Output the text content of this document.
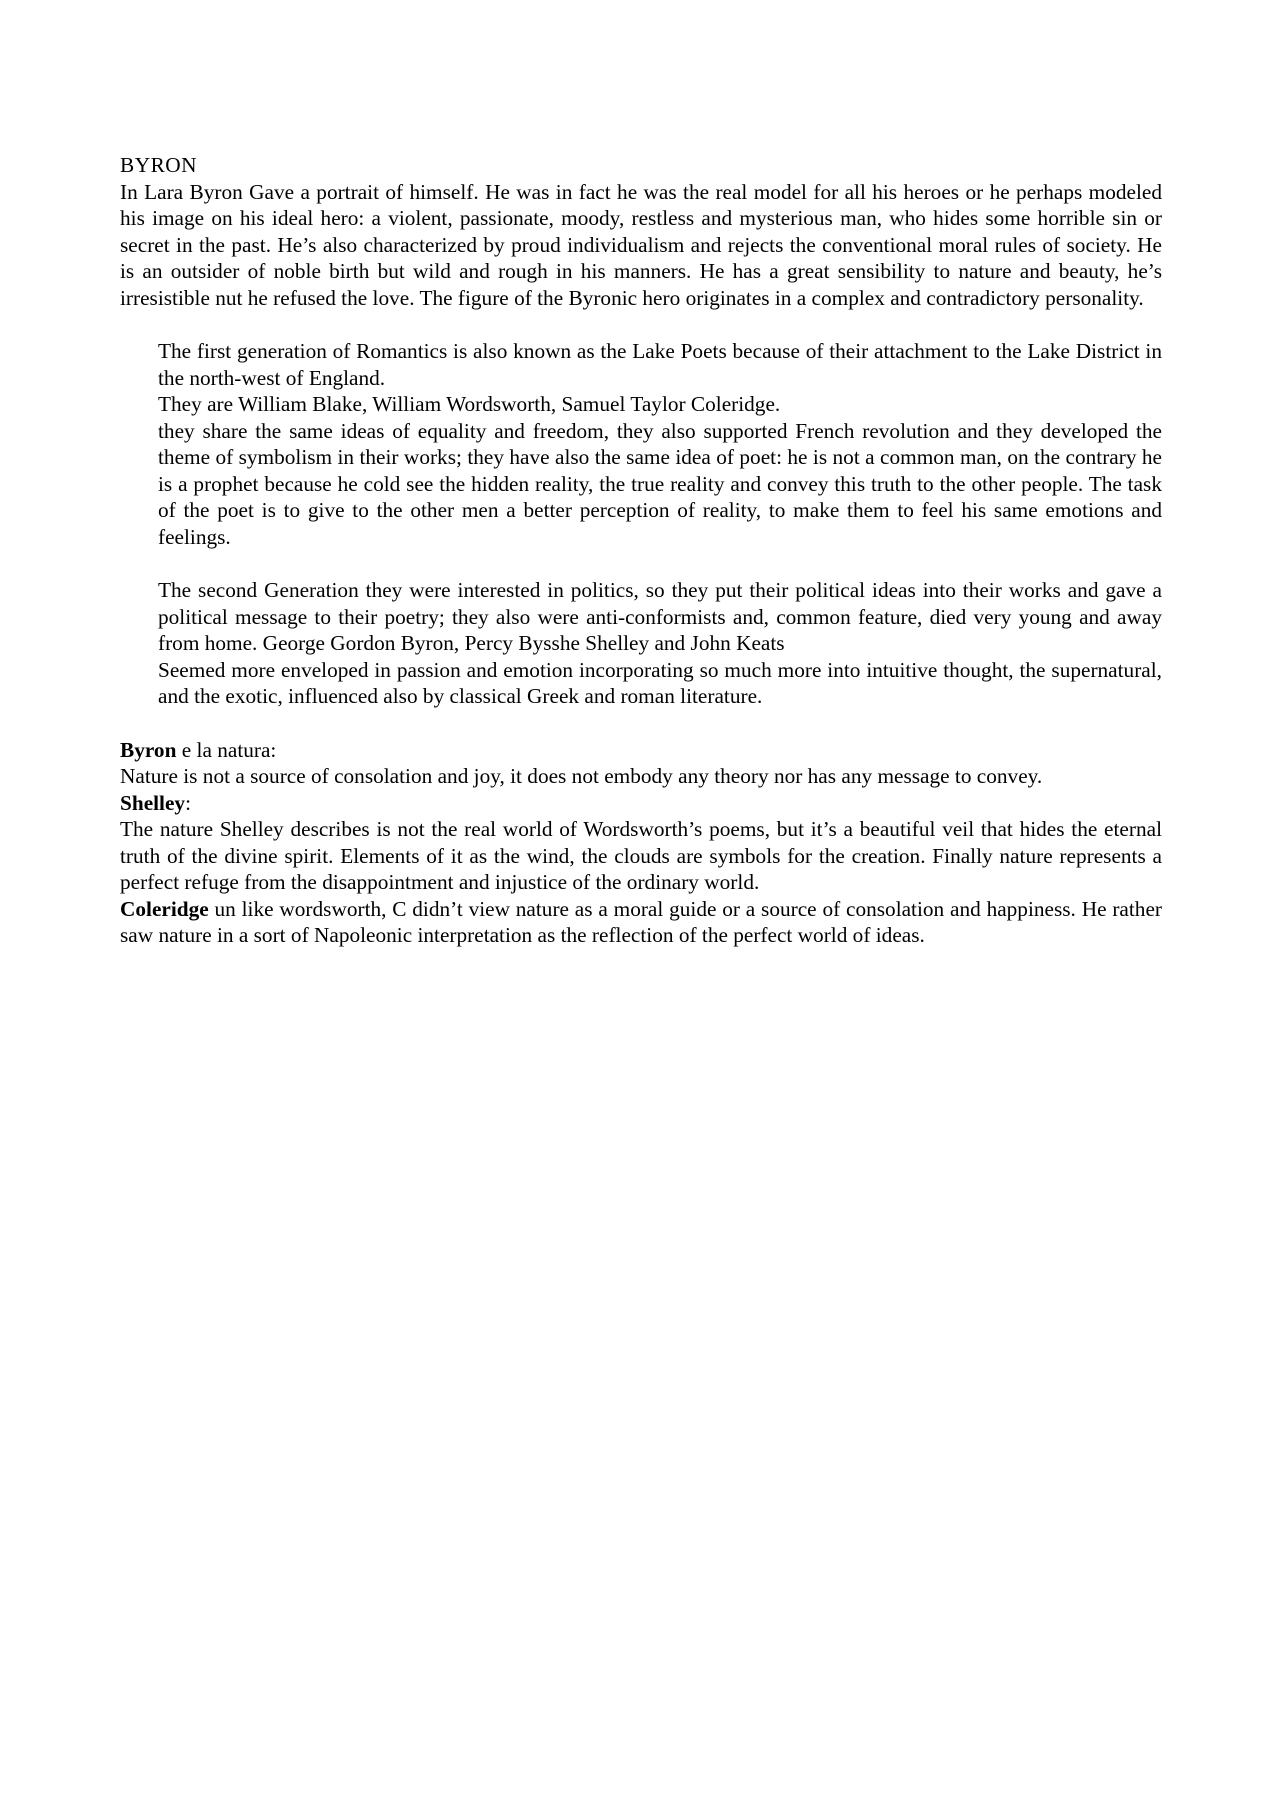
BYRON

In Lara Byron Gave a portrait of himself. He was in fact he was the real model for all his heroes or he perhaps modeled his image on his ideal hero: a violent, passionate, moody, restless and mysterious man, who hides some horrible sin or secret in the past. He’s also characterized by proud individualism and rejects the conventional moral rules of society. He is an outsider of noble birth but wild and rough in his manners. He has a great sensibility to nature and beauty, he’s irresistible nut he refused the love. The figure of the Byronic hero originates in a complex and contradictory personality.

The first generation of Romantics is also known as the Lake Poets because of their attachment to the Lake District in the north-west of England.

They are William Blake, William Wordsworth, Samuel Taylor Coleridge.

they share the same ideas of equality and freedom, they also supported French revolution and they developed the theme of symbolism in their works; they have also the same idea of poet: he is not a common man, on the contrary he is a prophet because he cold see the hidden reality, the true reality and convey this truth to the other people. The task of the poet is to give to the other men a better perception of reality, to make them to feel his same emotions and feelings.

The second Generation they were interested in politics, so they put their political ideas into their works and gave a political message to their poetry; they also were anti-conformists and, common feature, died very young and away from home. George Gordon Byron, Percy Bysshe Shelley and John Keats

Seemed more enveloped in passion and emotion incorporating so much more into intuitive thought, the supernatural, and the exotic, influenced also by classical Greek and roman literature.

Byron e la natura:

Nature is not a source of consolation and joy, it does not embody any theory nor has any message to convey.

Shelley:

The nature Shelley describes is not the real world of Wordsworth’s poems, but it’s a beautiful veil that hides the eternal truth of the divine spirit. Elements of it as the wind, the clouds are symbols for the creation. Finally nature represents a perfect refuge from the disappointment and injustice of the ordinary world.

Coleridge un like wordsworth, C didn’t view nature as a moral guide or a source of consolation and happiness. He rather saw nature in a sort of Napoleonic interpretation as the reflection of the perfect world of ideas.
